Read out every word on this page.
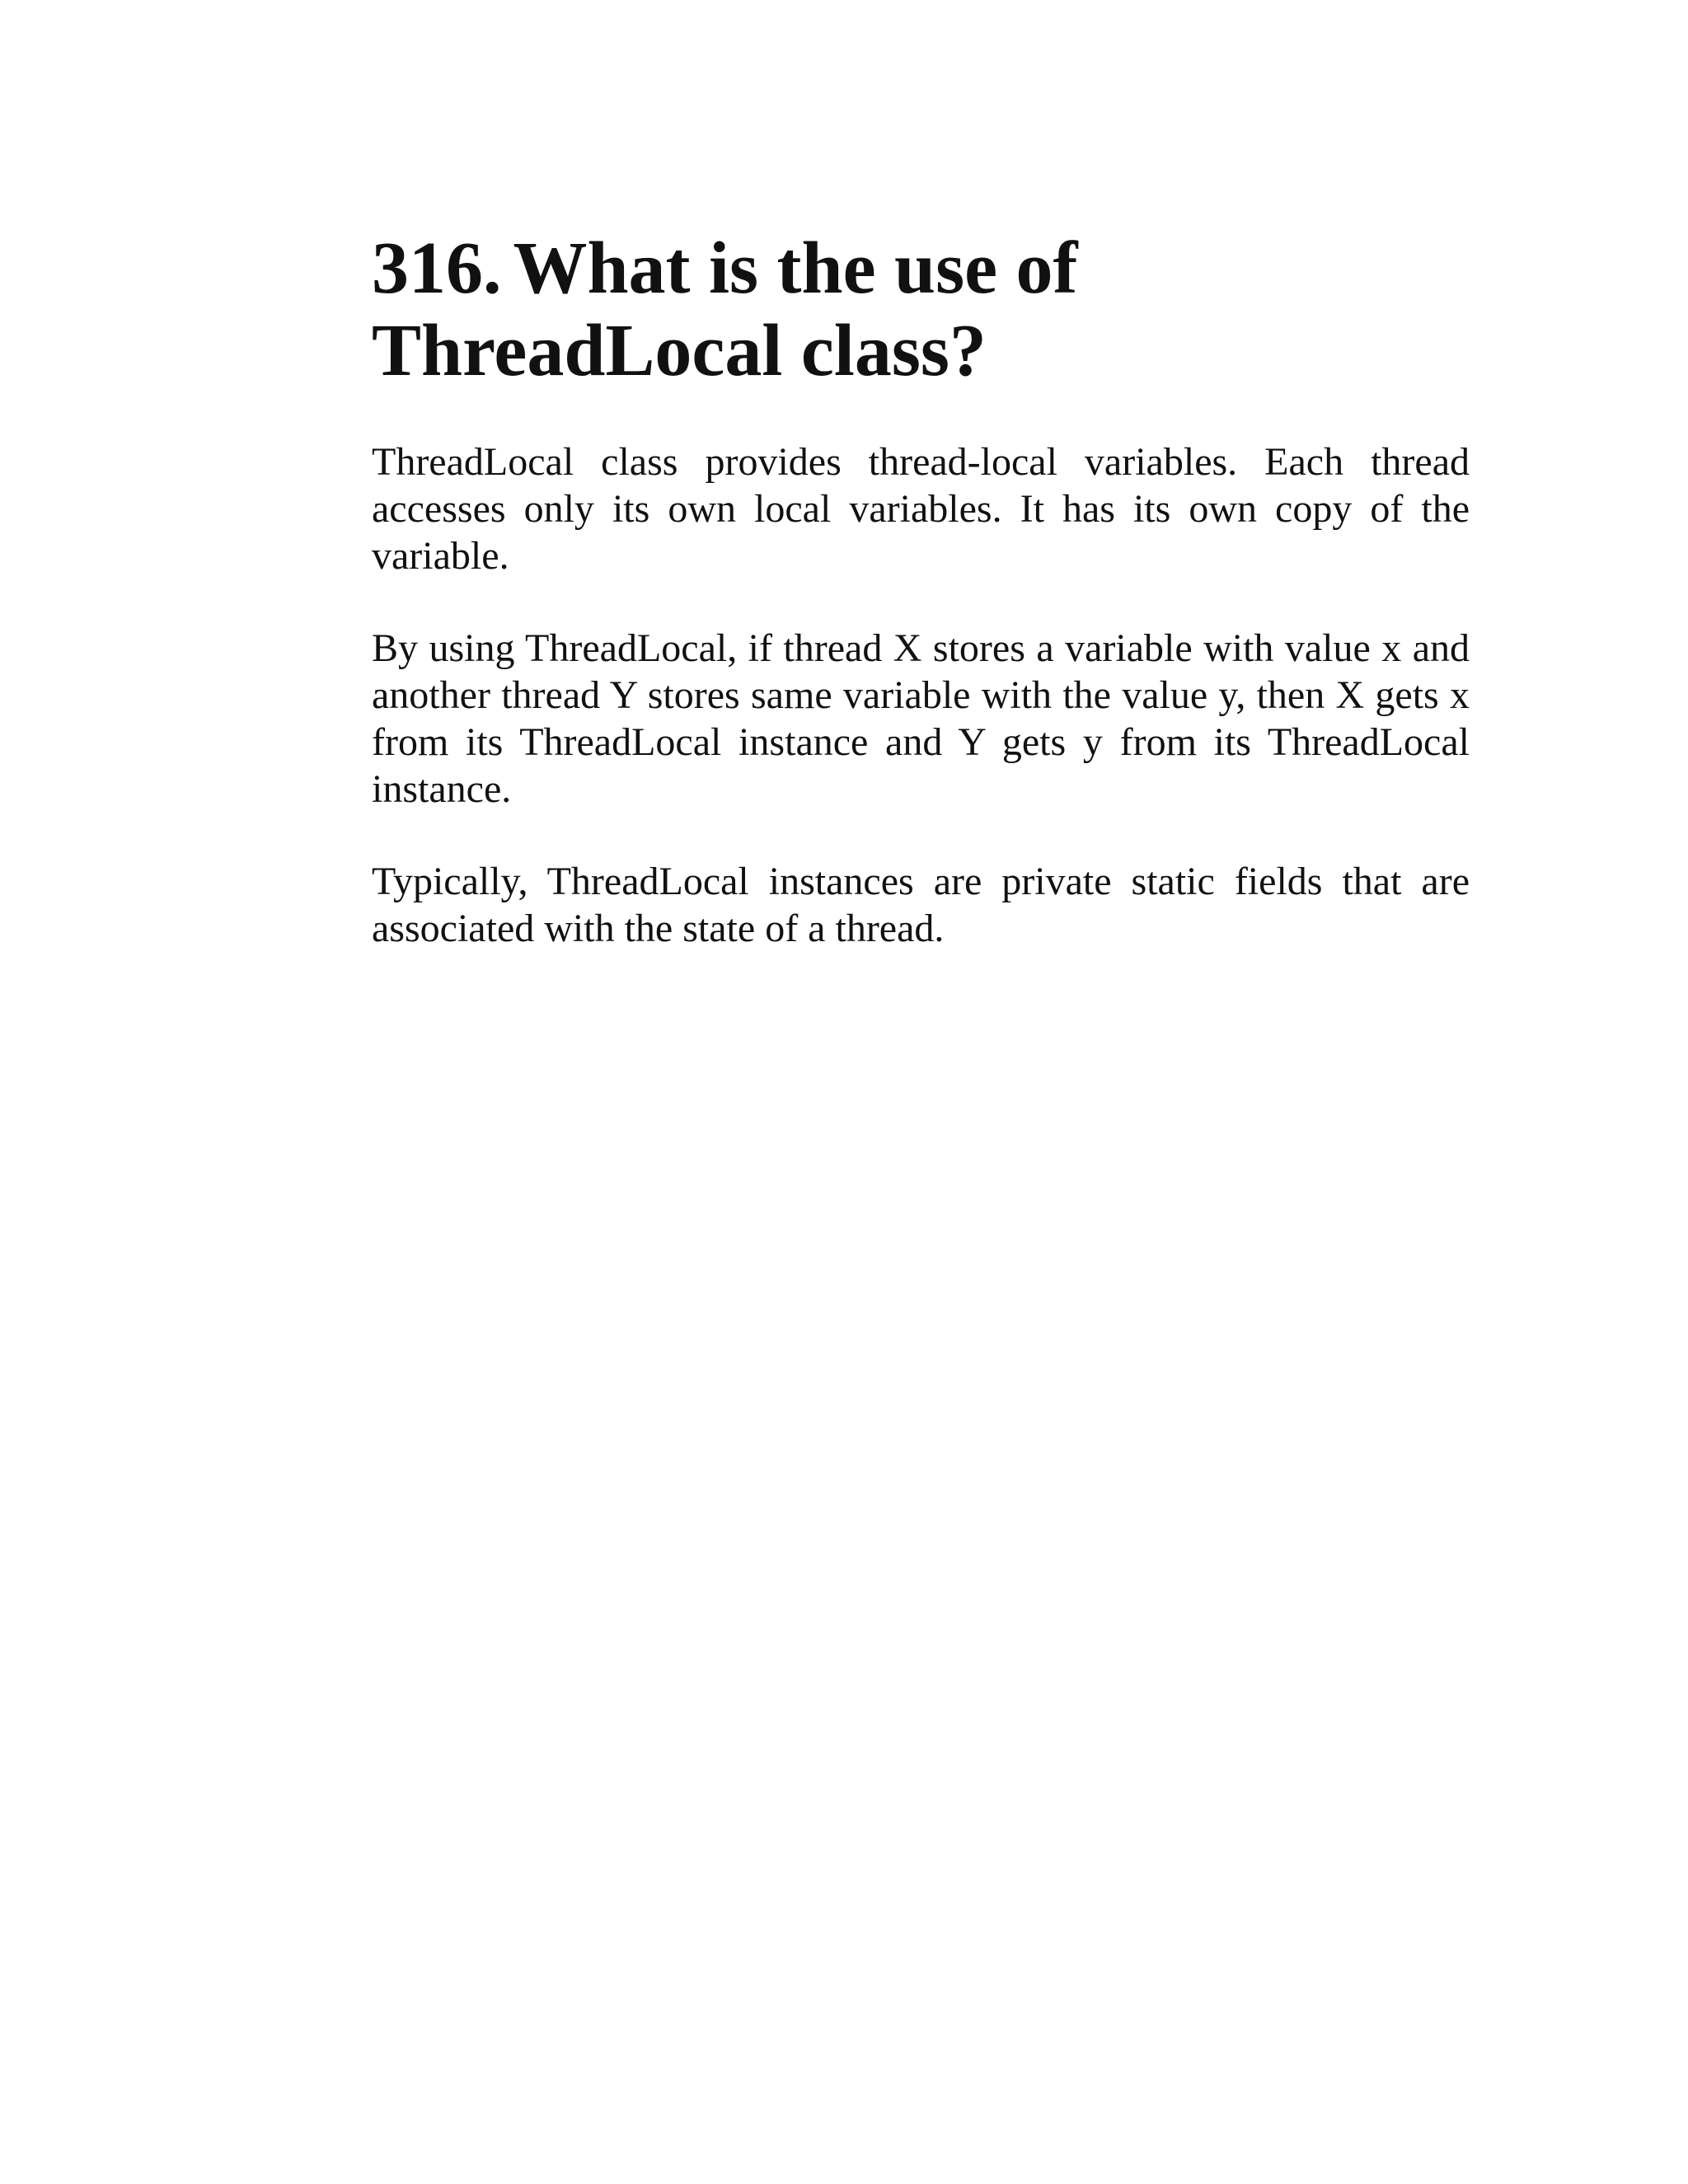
316. What is the use of ThreadLocal class?

ThreadLocal class provides thread-local variables. Each thread accesses only its own local variables. It has its own copy of the variable.

By using ThreadLocal, if thread X stores a variable with value x and another thread Y stores same variable with the value y, then X gets x from its ThreadLocal instance and Y gets y from its ThreadLocal instance.

Typically, ThreadLocal instances are private static fields that are associated with the state of a thread.
